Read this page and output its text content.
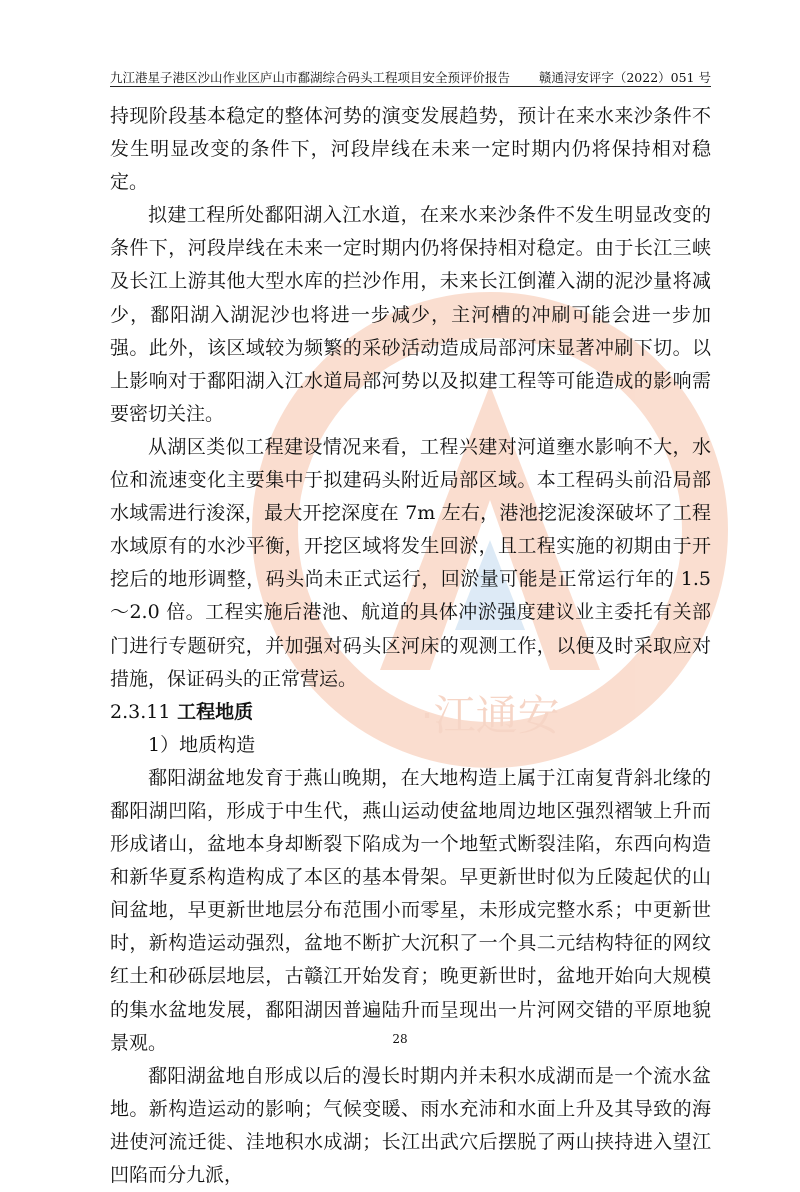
九江港星子港区沙山作业区庐山市鄱湖综合码头工程项目安全预评价报告 赣通浔安评字（2022）051 号
·江通安

持现阶段基本稳定的整体河势的演变发展趋势，预计在来水来沙条件不发生明显改变的条件下，河段岸线在未来一定时期内仍将保持相对稳定。

拟建工程所处鄱阳湖入江水道，在来水来沙条件不发生明显改变的条件下，河段岸线在未来一定时期内仍将保持相对稳定。由于长江三峡及长江上游其他大型水库的拦沙作用，未来长江倒灌入湖的泥沙量将减少，鄱阳湖入湖泥沙也将进一步减少，主河槽的冲刷可能会进一步加强。此外，该区域较为频繁的采砂活动造成局部河床显著冲刷下切。以上影响对于鄱阳湖入江水道局部河势以及拟建工程等可能造成的影响需要密切关注。

从湖区类似工程建设情况来看，工程兴建对河道壅水影响不大，水位和流速变化主要集中于拟建码头附近局部区域。本工程码头前沿局部水域需进行浚深，最大开挖深度在 7m 左右，港池挖泥浚深破坏了工程水域原有的水沙平衡，开挖区域将发生回淤，且工程实施的初期由于开挖后的地形调整，码头尚未正式运行，回淤量可能是正常运行年的 1.5～2.0 倍。工程实施后港池、航道的具体冲淤强度建议业主委托有关部门进行专题研究，并加强对码头区河床的观测工作，以便及时采取应对措施，保证码头的正常营运。

2.3.11 工程地质
1）地质构造

鄱阳湖盆地发育于燕山晚期，在大地构造上属于江南复背斜北缘的鄱阳湖凹陷，形成于中生代，燕山运动使盆地周边地区强烈褶皱上升而形成诸山，盆地本身却断裂下陷成为一个地堑式断裂洼陷，东西向构造和新华夏系构造构成了本区的基本骨架。早更新世时似为丘陵起伏的山间盆地，早更新世地层分布范围小而零星，未形成完整水系；中更新世时，新构造运动强烈，盆地不断扩大沉积了一个具二元结构特征的网纹红土和砂砾层地层，古赣江开始发育；晚更新世时，盆地开始向大规模的集水盆地发展，鄱阳湖因普遍陆升而呈现出一片河网交错的平原地貌景观。

鄱阳湖盆地自形成以后的漫长时期内并未积水成湖而是一个流水盆地。新构造运动的影响；气候变暖、雨水充沛和水面上升及其导致的海进使河流迁徙、洼地积水成湖；长江出武穴后摆脱了两山挟持进入望江凹陷而分九派，

28
